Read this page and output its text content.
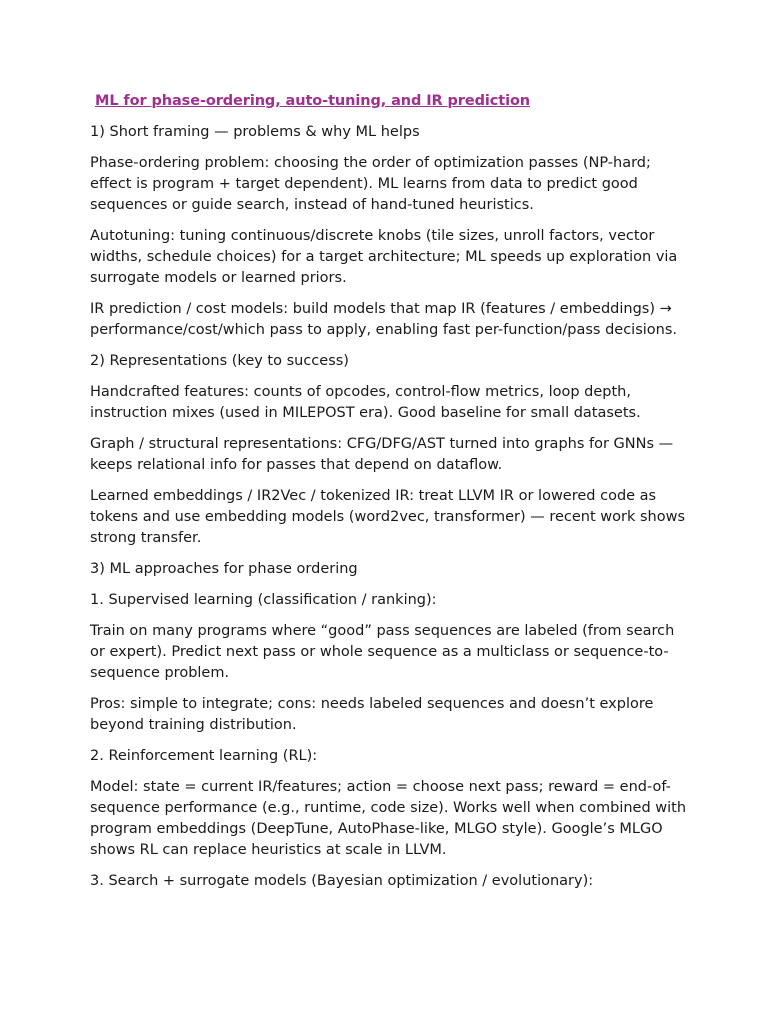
ML for phase-ordering, auto-tuning, and IR prediction

1) Short framing — problems & why ML helps

Phase-ordering problem: choosing the order of optimization passes (NP-hard; effect is program + target dependent). ML learns from data to predict good sequences or guide search, instead of hand-tuned heuristics.

Autotuning: tuning continuous/discrete knobs (tile sizes, unroll factors, vector widths, schedule choices) for a target architecture; ML speeds up exploration via surrogate models or learned priors.

IR prediction / cost models: build models that map IR (features / embeddings) → performance/cost/which pass to apply, enabling fast per-function/pass decisions.

2) Representations (key to success)

Handcrafted features: counts of opcodes, control-flow metrics, loop depth, instruction mixes (used in MILEPOST era). Good baseline for small datasets.

Graph / structural representations: CFG/DFG/AST turned into graphs for GNNs — keeps relational info for passes that depend on dataflow.

Learned embeddings / IR2Vec / tokenized IR: treat LLVM IR or lowered code as tokens and use embedding models (word2vec, transformer) — recent work shows strong transfer.

3) ML approaches for phase ordering

1. Supervised learning (classification / ranking):

Train on many programs where “good” pass sequences are labeled (from search or expert). Predict next pass or whole sequence as a multiclass or sequence-to-sequence problem.

Pros: simple to integrate; cons: needs labeled sequences and doesn’t explore beyond training distribution.

2. Reinforcement learning (RL):

Model: state = current IR/features; action = choose next pass; reward = end-of-sequence performance (e.g., runtime, code size). Works well when combined with program embeddings (DeepTune, AutoPhase-like, MLGO style). Google’s MLGO shows RL can replace heuristics at scale in LLVM.

3. Search + surrogate models (Bayesian optimization / evolutionary):
